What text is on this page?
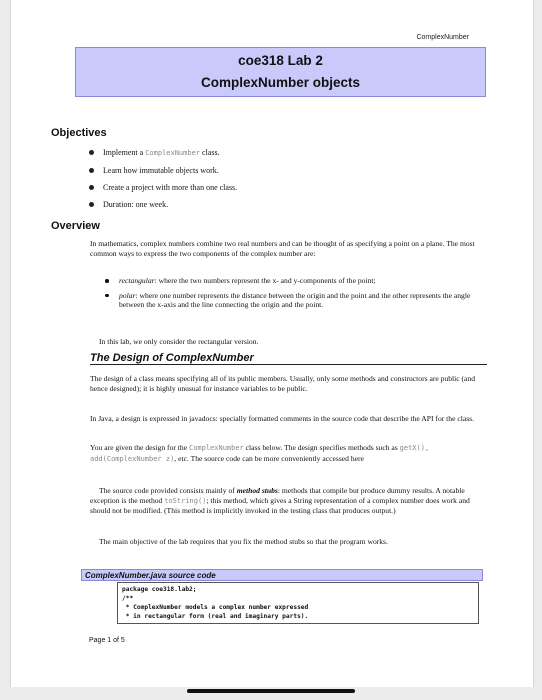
ComplexNumber
coe318 Lab 2
ComplexNumber objects
Objectives
Implement a ComplexNumber class.
Learn how immutable objects work.
Create a project with more than one class.
Duration: one week.
Overview

In mathematics, complex numbers combine two real numbers and can be thought of as specifying a point on a plane. The most common ways to express the two components of the complex number are:

rectangular: where the two numbers represent the x- and y-components of the point;
polar: where one number represents the distance between the origin and the point and the other represents the angle between the x-axis and the line connecting the origin and the point.

In this lab, we only consider the rectangular version.

The Design of ComplexNumber

The design of a class means specifying all of its public members. Usually, only some methods and constructors are public (and hence designed); it is highly unusual for instance variables to be public.

In Java, a design is expressed in javadocs: specially formatted comments in the source code that describe the API for the class.

You are given the design for the ComplexNumber class below. The design specifies methods such as getX(), add(ComplexNumber z), etc. The source code can be more conveniently accessed here

The source code provided consists mainly of method stubs: methods that compile but produce dummy results. A notable exception is the method toString(); this method, which gives a String representation of a complex number does work and should not be modified. (This method is implicitly invoked in the testing class that produces output.)

The main objective of the lab requires that you fix the method stubs so that the program works.

ComplexNumber.java source code
package coe318.lab2;
/**
* ComplexNumber models a complex number expressed
* in rectangular form (real and imaginary parts).
Page 1 of 5
